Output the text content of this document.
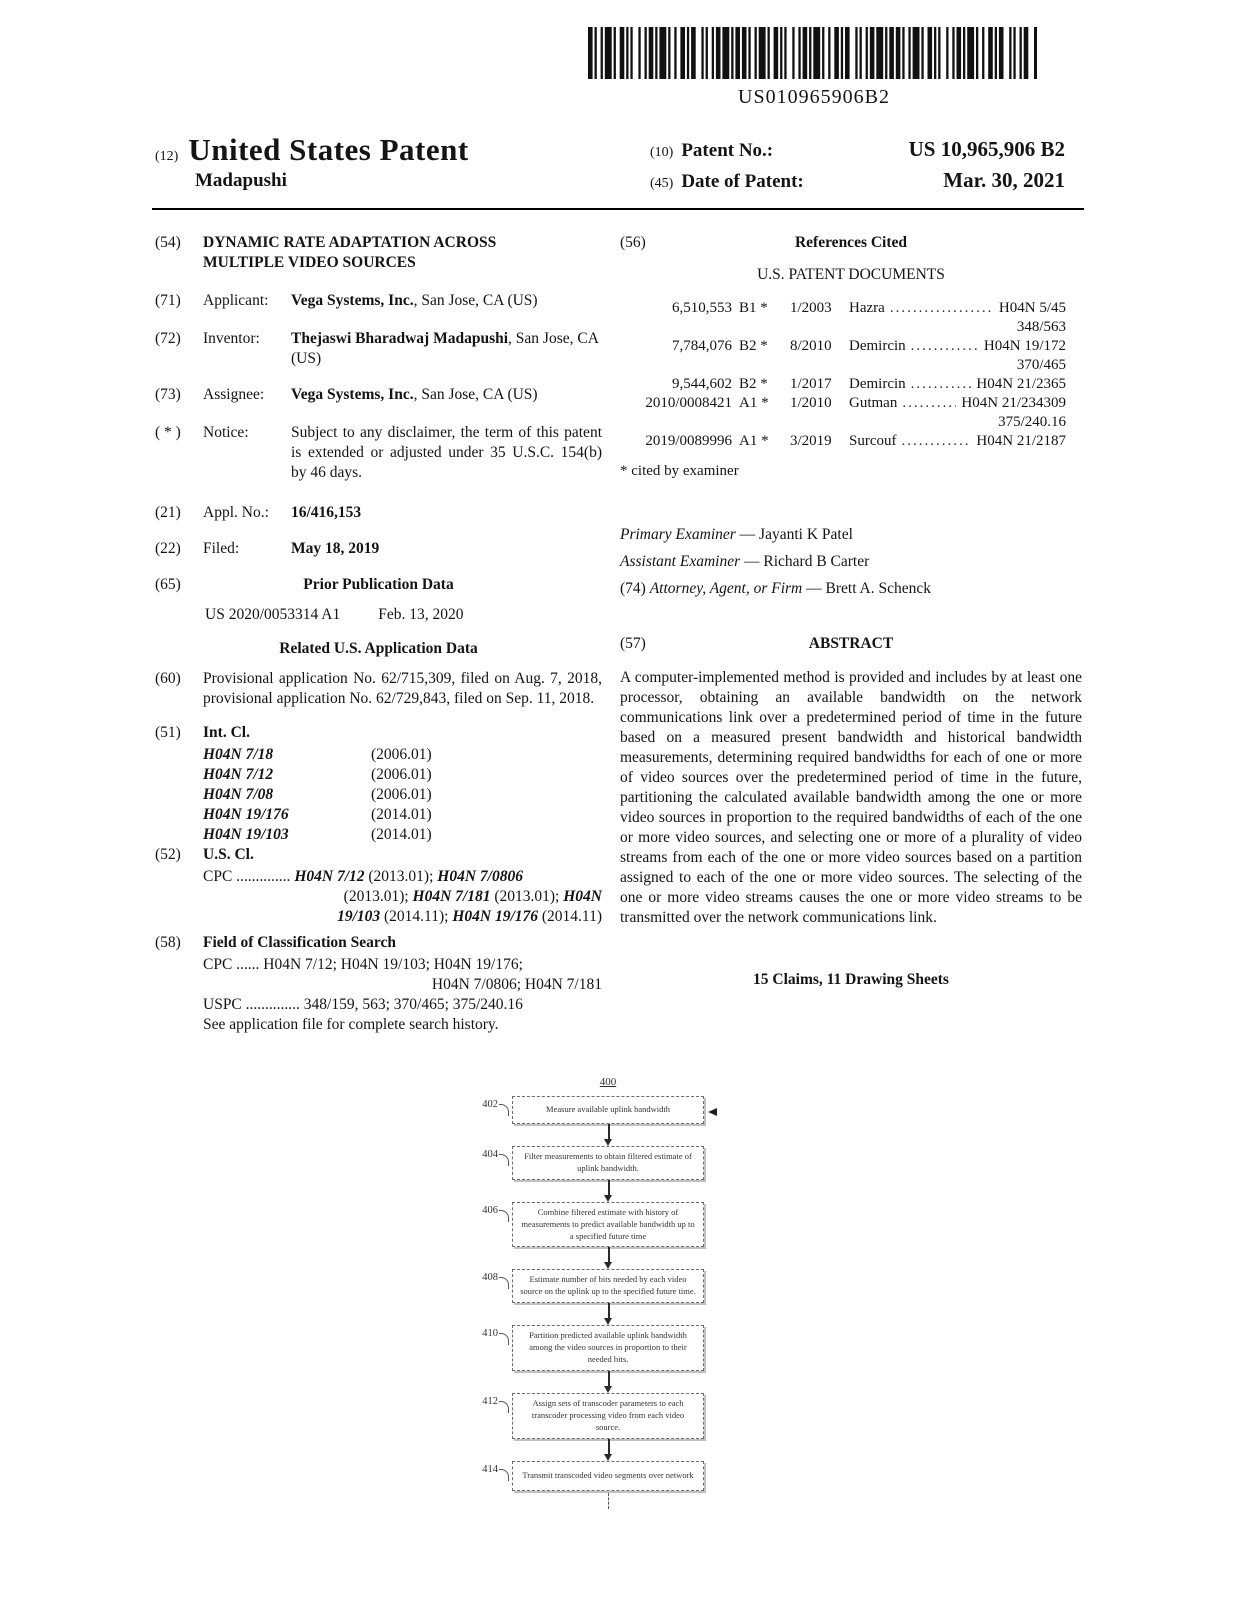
US010965906B2
(12) United States Patent
Madapushi
(10) Patent No.:	US 10,965,906 B2
(45) Date of Patent:	Mar. 30, 2021
(54)	DYNAMIC RATE ADAPTATION ACROSS
MULTIPLE VIDEO SOURCES
(71)	Applicant:	Vega Systems, Inc., San Jose, CA (US)
(72)	Inventor:	Thejaswi Bharadwaj Madapushi, San Jose, CA (US)
(73)	Assignee:	Vega Systems, Inc., San Jose, CA (US)
( * )	Notice:	Subject to any disclaimer, the term of this patent is extended or adjusted under 35 U.S.C. 154(b) by 46 days.
(21)	Appl. No.:	16/416,153
(22)	Filed:	May 18, 2019
(65)	Prior Publication Data
US 2020/0053314 A1 Feb. 13, 2020
Related U.S. Application Data
(60)	Provisional application No. 62/715,309, filed on Aug. 7, 2018, provisional application No. 62/729,843, filed on Sep. 11, 2018.
(51)	Int. Cl.
H04N 7/18	(2006.01)
H04N 7/12	(2006.01)
H04N 7/08	(2006.01)
H04N 19/176	(2014.01)
H04N 19/103	(2014.01)
(52)	U.S. Cl.
CPC .............. H04N 7/12 (2013.01); H04N 7/0806
(2013.01); H04N 7/181 (2013.01); H04N
19/103 (2014.11); H04N 19/176 (2014.11)
(58)	Field of Classification Search
CPC ...... H04N 7/12; H04N 19/103; H04N 19/176;
H04N 7/0806; H04N 7/181
USPC .............. 348/159, 563; 370/465; 375/240.16
See application file for complete search history.
(56)	References Cited
U.S. PATENT DOCUMENTS
6,510,553 B1 *	1/2003	Hazra .....	H04N 5/45
348/563
7,784,076 B2 *	8/2010	Demircin .....	H04N 19/172
370/465
9,544,602 B2 *	1/2017	Demircin .....	H04N 21/2365
2010/0008421 A1 *	1/2010	Gutman .....	H04N 21/234309
375/240.16
2019/0089996 A1 *	3/2019	Surcouf .....	H04N 21/2187
* cited by examiner
Primary Examiner — Jayanti K Patel
Assistant Examiner — Richard B Carter
(74) Attorney, Agent, or Firm — Brett A. Schenck
(57)	ABSTRACT
A computer-implemented method is provided and includes by at least one processor, obtaining an available bandwidth on the network communications link over a predetermined period of time in the future based on a measured present bandwidth and historical bandwidth measurements, determining required bandwidths for each of one or more of video sources over the predetermined period of time in the future, partitioning the calculated available bandwidth among the one or more video sources in proportion to the required bandwidths of each of the one or more video sources, and selecting one or more of a plurality of video streams from each of the one or more video sources based on a partition assigned to each of the one or more video sources. The selecting of the one or more video streams causes the one or more video streams to be transmitted over the network communications link.
15 Claims, 11 Drawing Sheets
400
402	Measure available uplink bandwidth
404	Filter measurements to obtain filtered estimate of uplink bandwidth.
406	Combine filtered estimate with history of measurements to predict available bandwidth up to a specified future time
408	Estimate number of bits needed by each video source on the uplink up to the specified future time.
410	Partition predicted available uplink bandwidth among the video sources in proportion to their needed bits.
412	Assign sets of transcoder parameters to each transcoder processing video from each video source.
414
Transmit transcoded video segments over network
